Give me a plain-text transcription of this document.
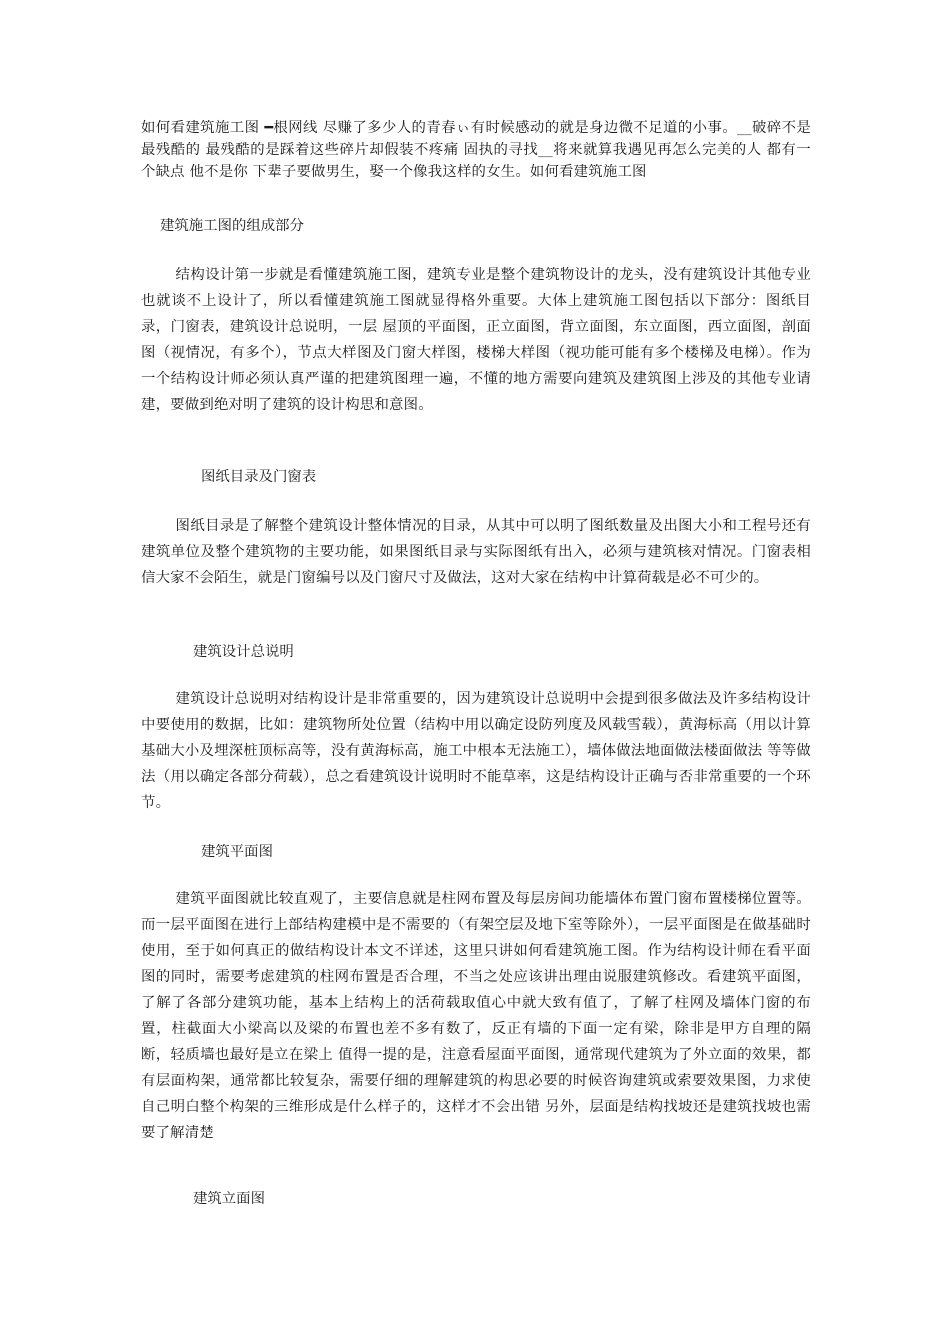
如何看建筑施工图 ━根网线 尽赚了多少人的青春ぃ有时候感动的就是身边微不足道的小事。__破碎不是最残酷的 最残酷的是踩着这些碎片却假装不疼痛 固执的寻找__将来就算我遇见再怎么完美的人 都有一个缺点 他不是你 下辈子要做男生，娶一个像我这样的女生。如何看建筑施工图

建筑施工图的组成部分

结构设计第一步就是看懂建筑施工图，建筑专业是整个建筑物设计的龙头，没有建筑设计其他专业也就谈不上设计了，所以看懂建筑施工图就显得格外重要。大体上建筑施工图包括以下部分：图纸目录，门窗表，建筑设计总说明，一层 屋顶的平面图，正立面图，背立面图，东立面图，西立面图，剖面图（视情况，有多个），节点大样图及门窗大样图，楼梯大样图（视功能可能有多个楼梯及电梯）。作为一个结构设计师必须认真严谨的把建筑图理一遍，不懂的地方需要向建筑及建筑图上涉及的其他专业请建，要做到绝对明了建筑的设计构思和意图。

图纸目录及门窗表

图纸目录是了解整个建筑设计整体情况的目录，从其中可以明了图纸数量及出图大小和工程号还有建筑单位及整个建筑物的主要功能，如果图纸目录与实际图纸有出入，必须与建筑核对情况。门窗表相信大家不会陌生，就是门窗编号以及门窗尺寸及做法，这对大家在结构中计算荷载是必不可少的。

建筑设计总说明

建筑设计总说明对结构设计是非常重要的，因为建筑设计总说明中会提到很多做法及许多结构设计中要使用的数据，比如：建筑物所处位置（结构中用以确定设防列度及风载雪载），黄海标高（用以计算基础大小及埋深桩顶标高等，没有黄海标高，施工中根本无法施工），墙体做法地面做法楼面做法 等等做法（用以确定各部分荷载），总之看建筑设计说明时不能草率，这是结构设计正确与否非常重要的一个环节。

建筑平面图

建筑平面图就比较直观了，主要信息就是柱网布置及每层房间功能墙体布置门窗布置楼梯位置等。而一层平面图在进行上部结构建模中是不需要的（有架空层及地下室等除外），一层平面图是在做基础时使用，至于如何真正的做结构设计本文不详述，这里只讲如何看建筑施工图。作为结构设计师在看平面图的同时，需要考虑建筑的柱网布置是否合理，不当之处应该讲出理由说服建筑修改。看建筑平面图，了解了各部分建筑功能，基本上结构上的活荷载取值心中就大致有值了，了解了柱网及墙体门窗的布置，柱截面大小梁高以及梁的布置也差不多有数了，反正有墙的下面一定有梁，除非是甲方自理的隔断，轻质墙也最好是立在梁上 值得一提的是，注意看屋面平面图，通常现代建筑为了外立面的效果，都有层面构架，通常都比较复杂，需要仔细的理解建筑的构思必要的时候咨询建筑或索要效果图，力求使自己明白整个构架的三维形成是什么样子的，这样才不会出错 另外，层面是结构找坡还是建筑找坡也需要了解清楚

建筑立面图
